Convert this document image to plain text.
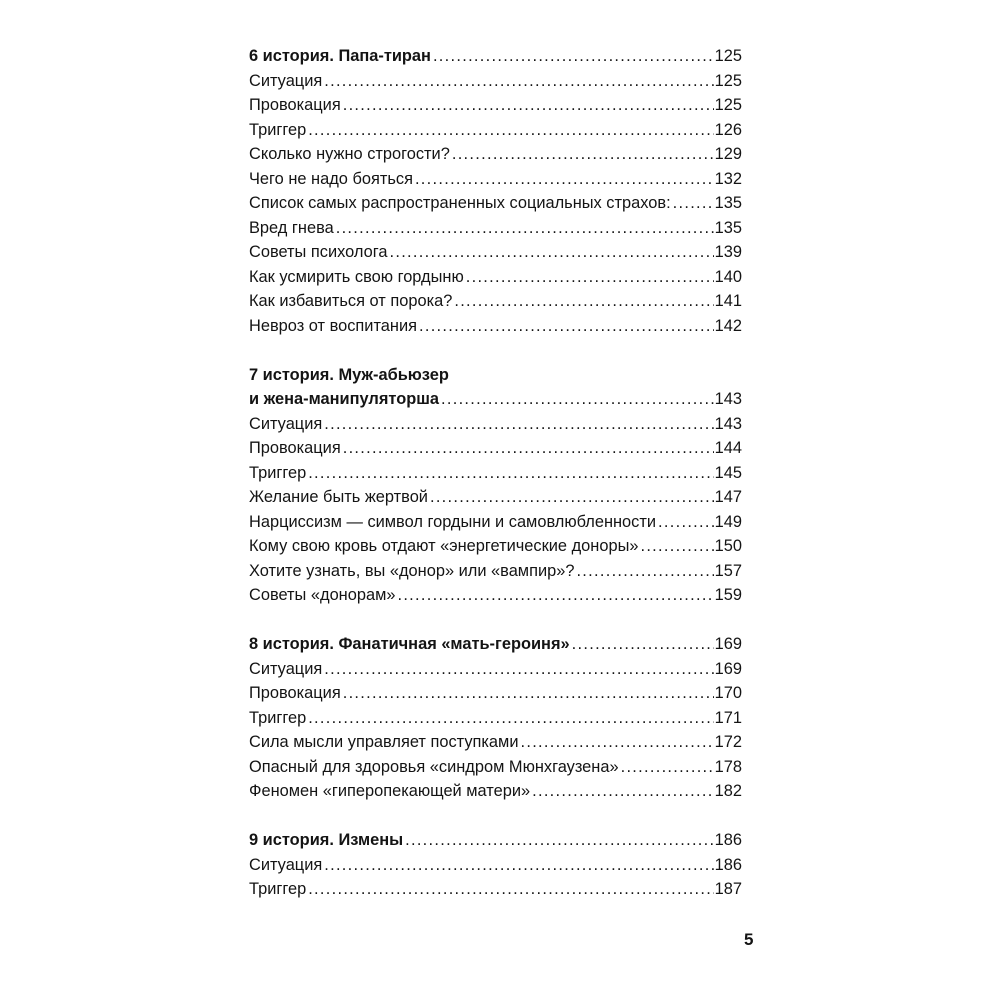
6 история. Папа-тиран .....	125
Ситуация .....	125
Провокация .....	125
Триггер .....	126
Сколько нужно строгости? .....	129
Чего не надо бояться .....	132
Список самых распространенных социальных страхов: .....	135
Вред гнева .....	135
Советы психолога .....	139
Как усмирить свою гордыню .....	140
Как избавиться от порока? .....	141
Невроз от воспитания .....	142
7 история. Муж-абьюзер
и жена-манипуляторша .....	143
Ситуация .....	143
Провокация .....	144
Триггер .....	145
Желание быть жертвой .....	147
Нарциссизм — символ гордыни и самовлюбленности .....	149
Кому свою кровь отдают «энергетические доноры» .....	150
Хотите узнать, вы «донор» или «вампир»? .....	157
Советы «донорам» .....	159
8 история. Фанатичная «мать-героиня» .....	169
Ситуация .....	169
Провокация .....	170
Триггер .....	171
Сила мысли управляет поступками .....	172
Опасный для здоровья «синдром Мюнхгаузена» .....	178
Феномен «гиперопекающей матери» .....	182
9 история. Измены .....	186
Ситуация .....	186
Триггер .....	187
5
